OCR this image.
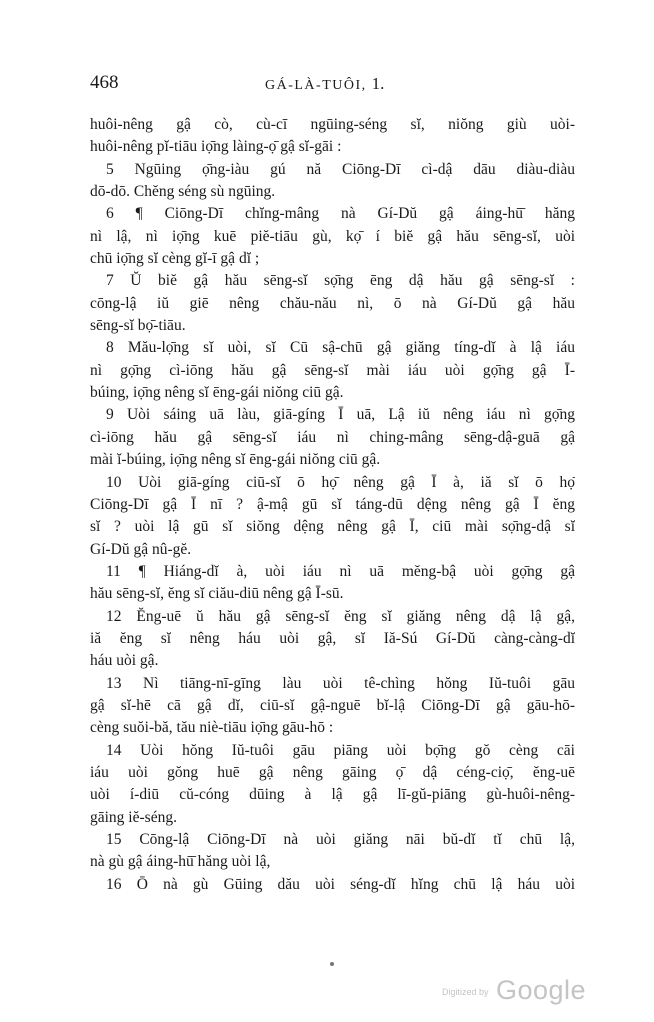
468	GÁ-LÀ-TUÔI, 1.
huôi-nêng gậ cò, cù-cī ngūing-séng sĭ, niŏng giù uòi-
huôi-nêng pĭ-tiāu iọ̄ng làing-ọ̄ gậ sĭ-gāi :
5 Ngūing ọ̄ng-iàu gú nă Ciōng-Dī cì-dậ dāu diàu-diàu
dō-dō. Chĕng séng sù ngūing.
6 ¶ Ciōng-Dī chĭng-mâng nà Gí-Dŭ gậ áing-hū̄ hăng
nì lậ, nì iọ̄ng kuē piĕ-tiāu gù, kọ̄ í biĕ gậ hău sēng-sĭ, uòi
chū iọ̄ng sĭ cèng gĭ-ī gậ dĭ ;
7 Ŭ biĕ gậ hău sēng-sĭ sọ̄ng ēng dậ hău gậ sēng-sĭ :
cōng-lậ iŭ giē nêng chău-nău nì, ō nà Gí-Dŭ gậ hău
sēng-sĭ bọ̄-tiāu.
8 Mău-lọ̄ng sĭ uòi, sĭ Cū sậ-chū gậ giăng tíng-dĭ à lậ iáu
nì gọ̄ng cì-iōng hău gậ sēng-sĭ mài iáu uòi gọ̄ng gậ Ī-
búing, iọ̄ng nêng sĭ ēng-gái niŏng ciū gậ.
9 Uòi sáing uā làu, giā-gíng Ī uā, Lậ iŭ nêng iáu nì gọ̄ng
cì-iōng hău gậ sēng-sĭ iáu nì ching-mâng sēng-dậ-guā gậ
mài ĭ-búing, iọ̄ng nêng sĭ ēng-gái niŏng ciū gậ.
10 Uòi giā-gíng ciū-sĭ ō họ̄ nêng gậ Ī à, iă sĭ ō họ̄
Ciōng-Dī gậ Ī nī ? ậ-mậ gū sĭ táng-dū dệng nêng gậ Ī ĕng
sĭ ? uòi lậ gū sĭ siŏng dệng nêng gậ Ī, ciū mài sọ̄ng-dậ sĭ
Gí-Dŭ gậ nû-gĕ.
11 ¶ Hiáng-dĭ à, uòi iáu nì uā mĕng-bậ uòi gọ̄ng gậ
hău sēng-sĭ, ĕng sĭ ciău-diū nêng gậ Ī-sū.
12 Ĕng-uē ŭ hău gậ sēng-sĭ ĕng sĭ giăng nêng dậ lậ gậ,
iă ĕng sĭ nêng háu uòi gậ, sĭ Iă-Sú Gí-Dŭ càng-càng-dĭ
háu uòi gậ.
13 Nì tiāng-nī-gīng làu uòi tê-chìng hŏng Iŭ-tuôi gāu
gậ sĭ-hē cā gậ dĭ, ciū-sĭ gậ-nguē bĭ-lậ Ciōng-Dī gậ gāu-hō-
cèng suŏi-bă, tău niè-tiāu iọ̄ng gāu-hō :
14 Uòi hŏng Iŭ-tuôi gāu piāng uòi bọ̄ng gŏ cèng cāi
iáu uòi gŏng huē gậ nêng gāing ọ̄ dậ céng-ciọ̄, ĕng-uē
uòi í-diū cŭ-cóng dūing à lậ gậ lī-gŭ-piāng gù-huôi-nêng-
gāing iĕ-séng.
15 Cōng-lậ Ciōng-Dī nà uòi giăng nāi bŭ-dĭ tĭ chū lậ,
nà gù gậ áing-hū̄ hăng uòi lậ,
16 Ō nà gù Gūing dău uòi séng-dĭ hĭng chū lậ háu uòi
$^{Digitized by}$ Google
